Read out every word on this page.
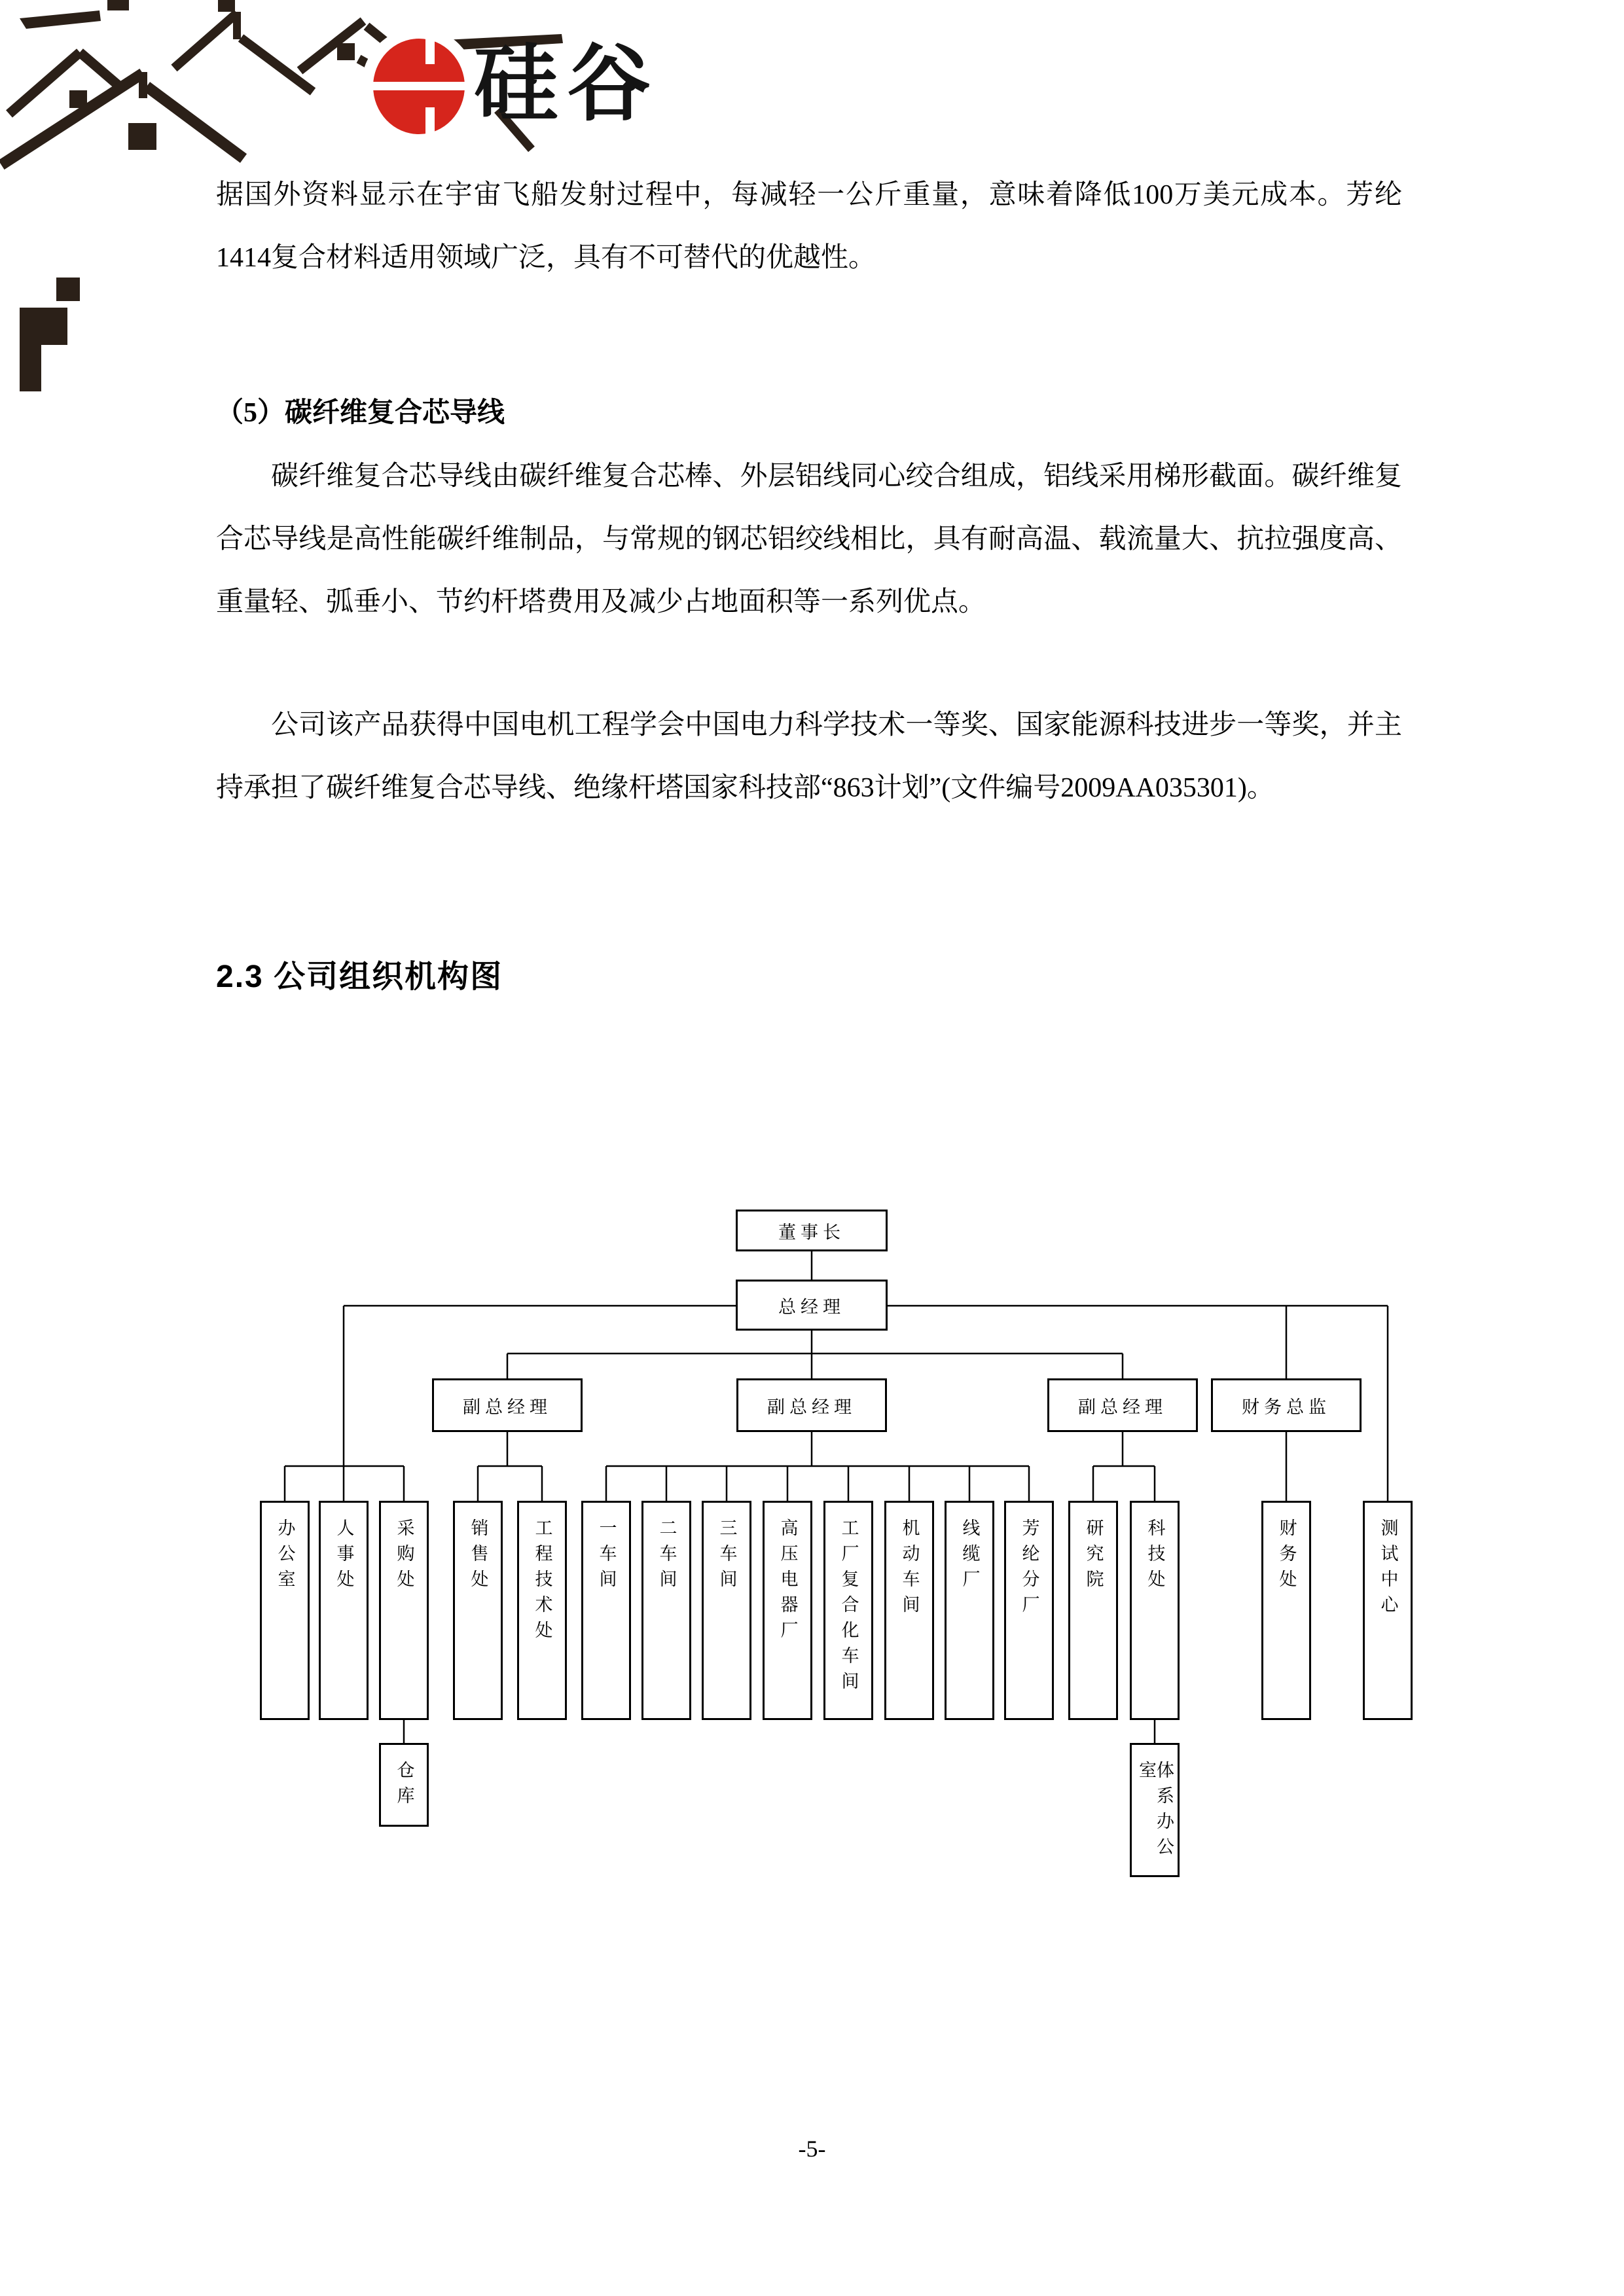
硅谷

据国外资料显示在宇宙飞船发射过程中，每减轻一公斤重量，意味着降低100万美元成本。芳纶1414复合材料适用领域广泛，具有不可替代的优越性。

（5）碳纤维复合芯导线

碳纤维复合芯导线由碳纤维复合芯棒、外层铝线同心绞合组成，铝线采用梯形截面。碳纤维复合芯导线是高性能碳纤维制品，与常规的钢芯铝绞线相比，具有耐高温、载流量大、抗拉强度高、重量轻、弧垂小、节约杆塔费用及减少占地面积等一系列优点。

公司该产品获得中国电机工程学会中国电力科学技术一等奖、国家能源科技进步一等奖，并主持承担了碳纤维复合芯导线、绝缘杆塔国家科技部“863计划”(文件编号2009AA035301)。

2.3 公司组织机构图
董事长
总经理
副总经理	副总经理	副总经理	财务总监
办公室 人事处 采购处	销售处	工程技术处	一车间 二车间 三车间 高压电器厂 工厂复合化车间 机动车间 线缆厂 芳纶分厂	研究院 科技处	财务处	测试中心
仓库	体系办公室
-5-
